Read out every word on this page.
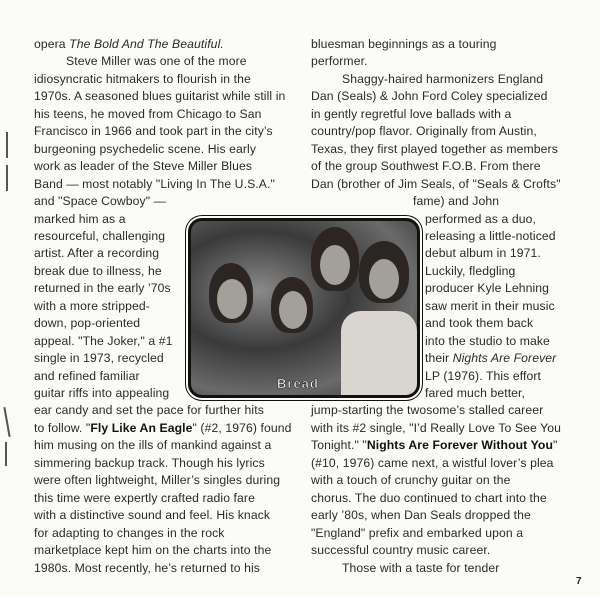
opera The Bold And The Beautiful.
Steve Miller was one of the more
idiosyncratic hitmakers to flourish in the
1970s. A seasoned blues guitarist while still in
his teens, he moved from Chicago to San
Francisco in 1966 and took part in the city’s
burgeoning psychedelic scene. His early
work as leader of the Steve Miller Blues
Band — most notably "Living In The U.S.A."
and "Space Cowboy" —
marked him as a
resourceful, challenging
artist. After a recording
break due to illness, he
returned in the early ’70s
with a more stripped-
down, pop-oriented
appeal. "The Joker," a #1
single in 1973, recycled
and refined familiar
guitar riffs into appealing
ear candy and set the pace for further hits
to follow. "Fly Like An Eagle" (#2, 1976) found
him musing on the ills of mankind against a
simmering backup track. Though his lyrics
were often lightweight, Miller’s singles during
this time were expertly crafted radio fare
with a distinctive sound and feel. His knack
for adapting to changes in the rock
marketplace kept him on the charts into the
1980s. Most recently, he’s returned to his
bluesman beginnings as a touring
performer.
Shaggy-haired harmonizers England
Dan (Seals) & John Ford Coley specialized
in gently regretful love ballads with a
country/pop flavor. Originally from Austin,
Texas, they first played together as members
of the group Southwest F.O.B. From there
Dan (brother of Jim Seals, of "Seals & Crofts"
fame) and John
performed as a duo,
releasing a little-noticed
debut album in 1971.
Luckily, fledgling
producer Kyle Lehning
saw merit in their music
and took them back
into the studio to make
their Nights Are Forever
LP (1976). This effort
fared much better,
jump-starting the twosome’s stalled career
with its #2 single, "I’d Really Love To See You
Tonight." "Nights Are Forever Without You"
(#10, 1976) came next, a wistful lover’s plea
with a touch of crunchy guitar on the
chorus. The duo continued to chart into the
early ’80s, when Dan Seals dropped the
"England" prefix and embarked upon a
successful country music career.
Those with a taste for tender
Bread
7
